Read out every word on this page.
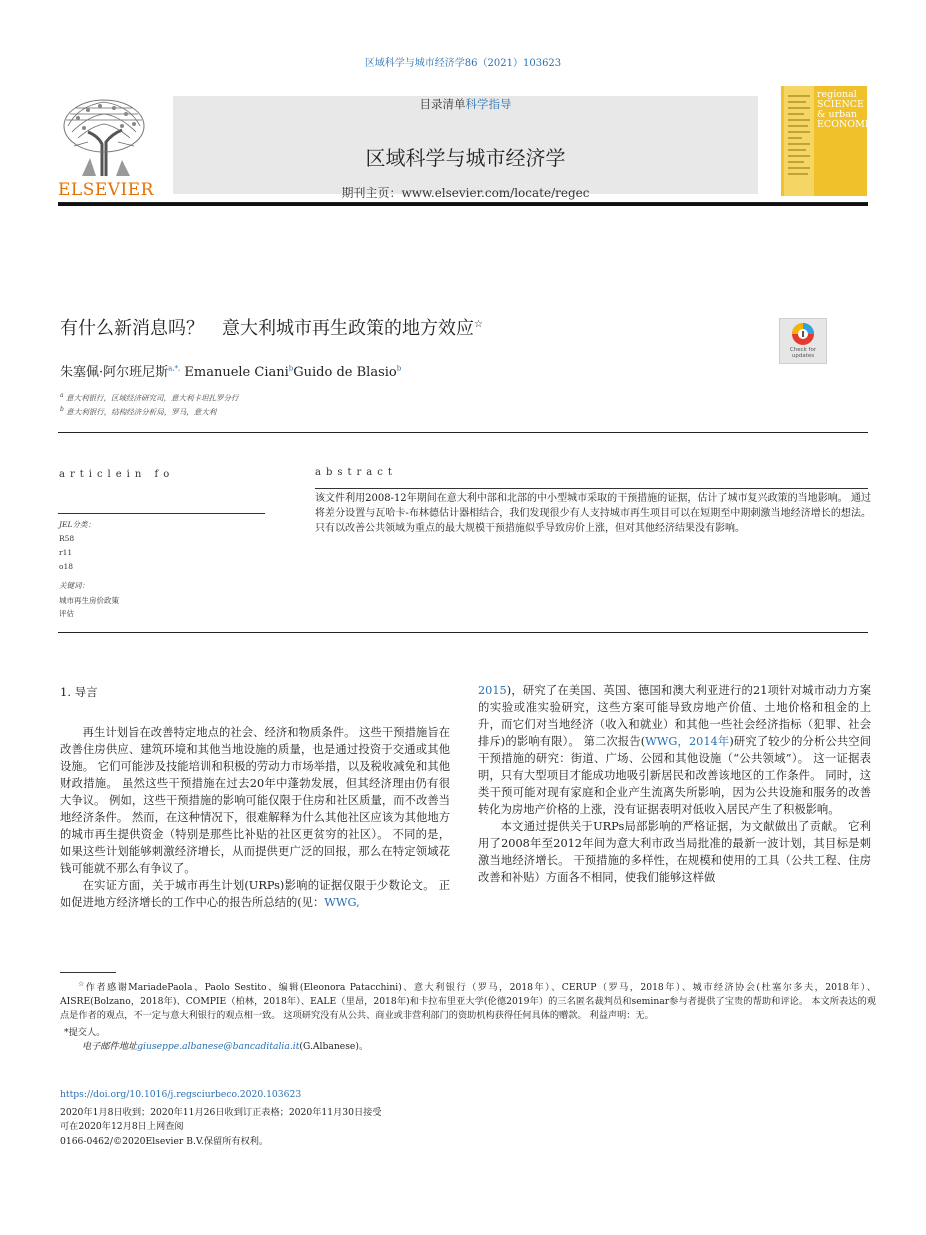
区域科学与城市经济学86（2021）103623
ELSEVIER
目录清单科学指导
区域科学与城市经济学
期刊主页：www.elsevier.com/locate/regec
regional SCIENCE & urban ECONOMICS
有什么新消息吗？　意大利城市再生政策的地方效应☆
Check for updates
朱塞佩·阿尔班尼斯$^{a,*,}$ Emanuele Ciani$^b$Guido de Blasio$^b$
$^a$ 意大利银行，区域经济研究司，意大利卡坦扎罗分行
$^b$ 意大利银行，结构经济分析局，罗马，意大利
articlein fo
JEL分类：
R58
r11
o18
关键词：
城市再生房价政策
评估
abstract
该文件利用2008-12年期间在意大利中部和北部的中小型城市采取的干预措施的证据，估计了城市复兴政策的当地影响。 通过将差分设置与瓦哈卡-布林德估计器相结合，我们发现很少有人支持城市再生项目可以在短期至中期刺激当地经济增长的想法。 只有以改善公共领域为重点的最大规模干预措施似乎导致房价上涨，但对其他经济结果没有影响。
1. 导言

再生计划旨在改善特定地点的社会、经济和物质条件。 这些干预措施旨在改善住房供应、建筑环境和其他当地设施的质量，也是通过投资于交通或其他设施。 它们可能涉及技能培训和积极的劳动力市场举措，以及税收减免和其他财政措施。 虽然这些干预措施在过去20年中蓬勃发展，但其经济理由仍有很大争议。 例如，这些干预措施的影响可能仅限于住房和社区质量，而不改善当地经济条件。 然而，在这种情况下，很难解释为什么其他社区应该为其他地方的城市再生提供资金（特别是那些比补贴的社区更贫穷的社区）。 不同的是，如果这些计划能够刺激经济增长，从而提供更广泛的回报，那么在特定领域花钱可能就不那么有争议了。

在实证方面，关于城市再生计划(URPs)影响的证据仅限于少数论文。 正如促进地方经济增长的工作中心的报告所总结的(见：WWG,

2015)，研究了在美国、英国、德国和澳大利亚进行的21项针对城市动力方案的实验或准实验研究，这些方案可能导致房地产价值、土地价格和租金的上升，而它们对当地经济（收入和就业）和其他一些社会经济指标（犯罪、社会排斥)的影响有限）。 第二次报告(WWG，2014年)研究了较少的分析公共空间干预措施的研究：街道、广场、公园和其他设施（“公共领域”）。 这一证据表明，只有大型项目才能成功地吸引新居民和改善该地区的工作条件。 同时，这类干预可能对现有家庭和企业产生流离失所影响，因为公共设施和服务的改善转化为房地产价格的上涨，没有证据表明对低收入居民产生了积极影响。

本文通过提供关于URPs局部影响的严格证据，为文献做出了贡献。 它利用了2008年至2012年间为意大利市政当局批准的最新一波计划，其目标是刺激当地经济增长。 干预措施的多样性，在规模和使用的工具（公共工程、住房改善和补贴）方面各不相同，使我们能够这样做

☆作者感谢MariadePaola、Paolo Sestito、编辑(Eleonora Patacchini)、意大利银行（罗马，2018年）、CERUP（罗马，2018年）、城市经济协会(杜塞尔多夫，2018年）、AISRE(Bolzano，2018年)、COMPIE（柏林，2018年）、EALE（里昂，2018年)和卡拉布里亚大学(伦德2019年）的三名匿名裁判员和seminar参与者提供了宝贵的帮助和评论。 本文所表达的观点是作者的观点，不一定与意大利银行的观点相一致。 这项研究没有从公共、商业或非营利部门的资助机构获得任何具体的赠款。 利益声明：无。

*提交人。

电子邮件地址giuseppe.albanese@bancaditalia.it(G.Albanese)。

https://doi.org/10.1016/j.regsciurbeco.2020.103623
2020年1月8日收到；2020年11月26日收到订正表格；2020年11月30日接受
可在2020年12月8日上网查阅
0166-0462/©2020Elsevier B.V.保留所有权利。
